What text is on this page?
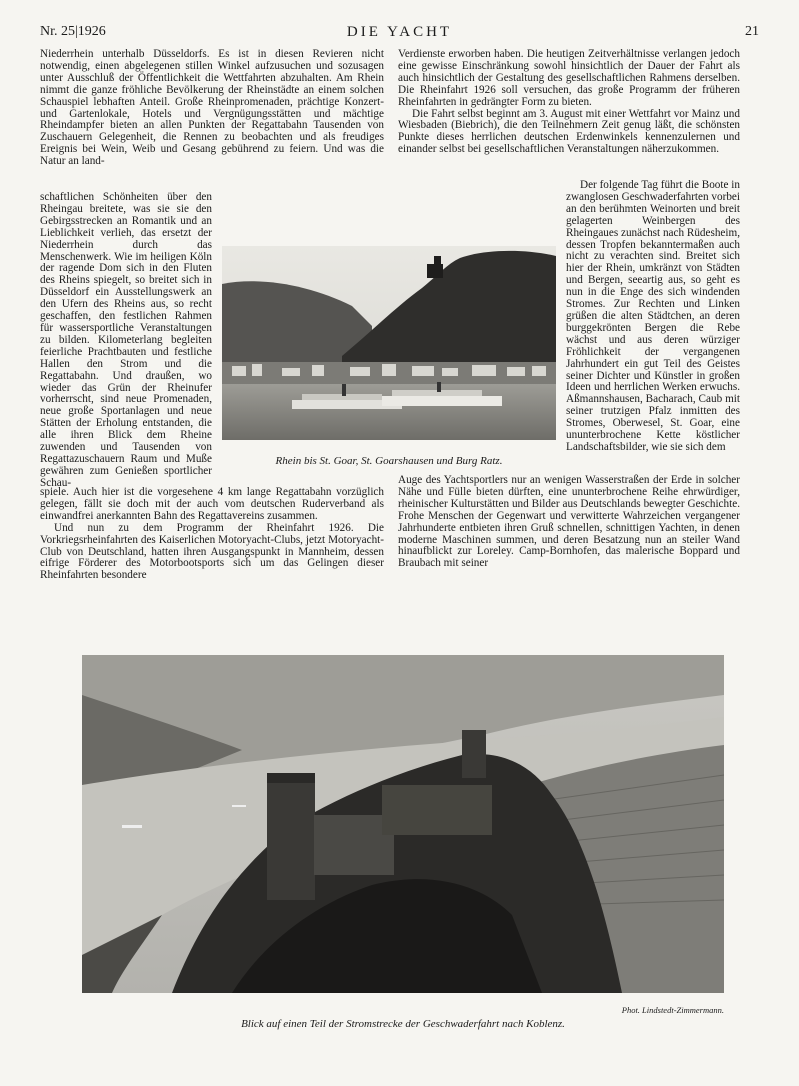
Nr. 25|1926	DIE YACHT	21

Niederrhein unterhalb Düsseldorfs. Es ist in diesen Revieren nicht notwendig, einen abgelegenen stillen Winkel aufzusuchen und sozusagen unter Ausschluß der Öffentlichkeit die Wettfahrten abzuhalten. Am Rhein nimmt die ganze fröhliche Bevölkerung der Rheinstädte an einem solchen Schauspiel lebhaften Anteil. Große Rheinpromenaden, prächtige Konzert- und Gartenlokale, Hotels und Vergnügungsstätten und mächtige Rheindampfer bieten an allen Punkten der Regattabahn Tausenden von Zuschauern Gelegenheit, die Rennen zu beobachten und als freudiges Ereignis bei Wein, Weib und Gesang gebührend zu feiern. Und was die Natur an land-

schaftlichen Schönheiten über den Rheingau breitete, was sie sie den Gebirgsstrecken an Romantik und an Lieblichkeit verlieh, das ersetzt der Niederrhein durch das Menschenwerk. Wie im heiligen Köln der ragende Dom sich in den Fluten des Rheins spiegelt, so breitet sich in Düsseldorf ein Ausstellungswerk an den Ufern des Rheins aus, so recht geschaffen, den festlichen Rahmen für wassersportliche Veranstaltungen zu bilden. Kilometerlang begleiten feierliche Prachtbauten und festliche Hallen den Strom und die Regattabahn. Und draußen, wo wieder das Grün der Rheinufer vorherrscht, sind neue Promenaden, neue große Sportanlagen und neue Stätten der Erholung entstanden, die alle ihren Blick dem Rheine zuwenden und Tausenden von Regattazuschauern Raum und Muße gewähren zum Genießen sportlicher Schau-

spiele. Auch hier ist die vorgesehene 4 km lange Regattabahn vorzüglich gelegen, fällt sie doch mit der auch vom deutschen Ruderverband als einwandfrei anerkannten Bahn des Regattavereins zusammen.

Und nun zu dem Programm der Rheinfahrt 1926. Die Vorkriegsrheinfahrten des Kaiserlichen Motoryacht-Clubs, jetzt Motoryacht-Club von Deutschland, hatten ihren Ausgangspunkt in Mannheim, dessen eifrige Förderer des Motorbootsports sich um das Gelingen dieser Rheinfahrten besondere

Verdienste erworben haben. Die heutigen Zeitverhältnisse verlangen jedoch eine gewisse Einschränkung sowohl hinsichtlich der Dauer der Fahrt als auch hinsichtlich der Gestaltung des gesellschaftlichen Rahmens derselben. Die Rheinfahrt 1926 soll versuchen, das große Programm der früheren Rheinfahrten in gedrängter Form zu bieten.

Die Fahrt selbst beginnt am 3. August mit einer Wettfahrt vor Mainz und Wiesbaden (Biebrich), die den Teilnehmern Zeit genug läßt, die schönsten Punkte dieses herrlichen deutschen Erdenwinkels kennenzulernen und einander selbst bei gesellschaftlichen Veranstaltungen näherzukommen.

Der folgende Tag führt die Boote in zwanglosen Geschwaderfahrten vorbei an den berühmten Weinorten und breit gelagerten Weinbergen des Rheingaues zunächst nach Rüdesheim, dessen Tropfen bekanntermaßen auch nicht zu verachten sind. Breitet sich hier der Rhein, umkränzt von Städten und Bergen, seeartig aus, so geht es nun in die Enge des sich windenden Stromes. Zur Rechten und Linken grüßen die alten Städtchen, an deren burggekrönten Bergen die Rebe wächst und aus deren würziger Fröhlichkeit der vergangenen Jahrhundert ein gut Teil des Geistes seiner Dichter und Künstler in großen Ideen und herrlichen Werken erwuchs. Aßmannshausen, Bacharach, Caub mit seiner trutzigen Pfalz inmitten des Stromes, Oberwesel, St. Goar, eine ununterbrochene Kette köstlicher Landschaftsbilder, wie sie sich dem

Auge des Yachtsportlers nur an wenigen Wasserstraßen der Erde in solcher Nähe und Fülle bieten dürften, eine ununterbrochene Reihe ehrwürdiger, rheinischer Kulturstätten und Bilder aus Deutschlands bewegter Geschichte. Frohe Menschen der Gegenwart und verwitterte Wahrzeichen vergangener Jahrhunderte entbieten ihren Gruß schnellen, schnittigen Yachten, in denen moderne Maschinen summen, und deren Besatzung nun an steiler Wand hinaufblickt zur Loreley. Camp-Bornhofen, das malerische Boppard und Braubach mit seiner

Rhein bis St. Goar, St. Goarshausen und Burg Ratz.
Phot. Lindstedt-Zimmermann.
Blick auf einen Teil der Stromstrecke der Geschwaderfahrt nach Koblenz.
